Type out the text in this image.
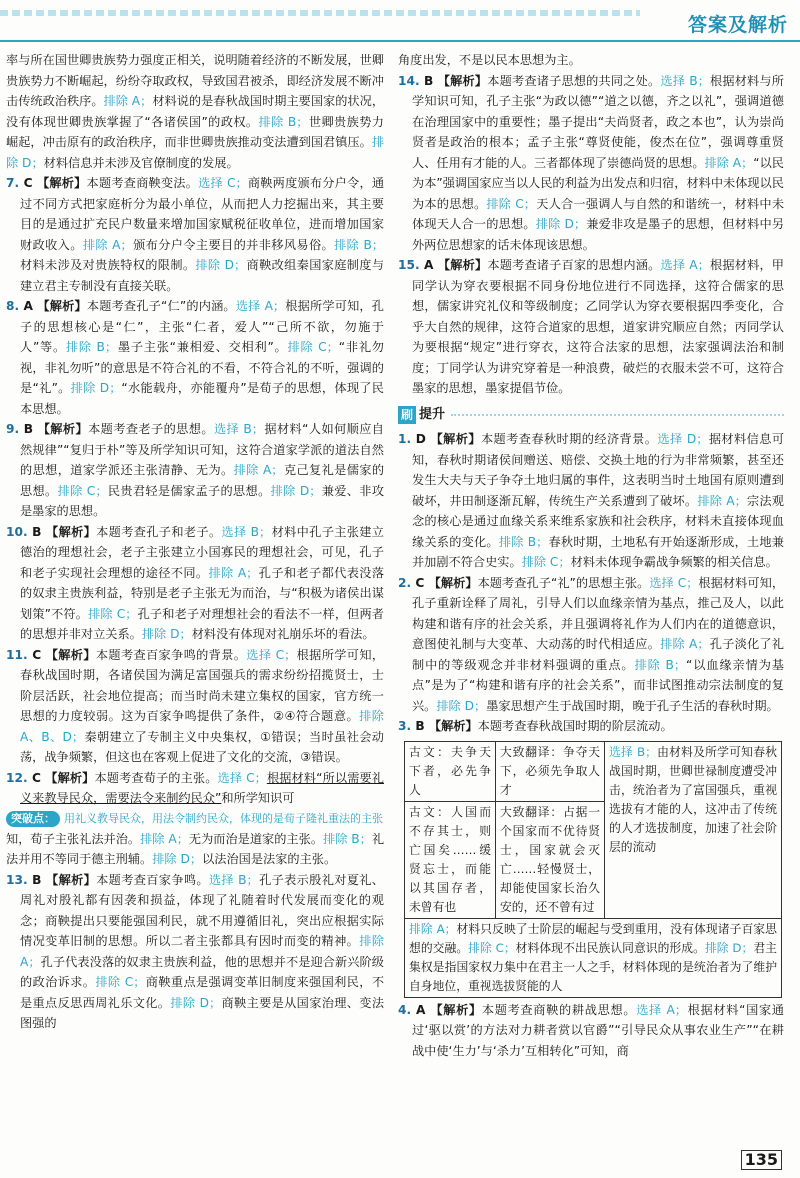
答案及解析

率与所在国世卿贵族势力强度正相关，说明随着经济的不断发展，世卿贵族势力不断崛起，纷纷夺取政权，导致国君被杀，即经济发展不断冲击传统政治秩序。排除 A；材料说的是春秋战国时期主要国家的状况，没有体现世卿贵族掌握了“各诸侯国”的政权。排除 B；世卿贵族势力崛起，冲击原有的政治秩序，而非世卿贵族推动变法遭到国君镇压。排除 D；材料信息并未涉及官僚制度的发展。

7. C 【解析】本题考查商鞅变法。选择 C；商鞅两度颁布分户令，通过不同方式把家庭析分为最小单位，从而把人力挖掘出来，其主要目的是通过扩充民户数量来增加国家赋税征收单位，进而增加国家财政收入。排除 A；颁布分户令主要目的并非移风易俗。排除 B；材料未涉及对贵族特权的限制。排除 D；商鞅改组秦国家庭制度与建立君主专制没有直接关联。

8. A 【解析】本题考查孔子“仁”的内涵。选择 A；根据所学可知，孔子的思想核心是“仁”，主张“仁者，爱人”“己所不欲，勿施于人”等。排除 B；墨子主张“兼相爱、交相利”。排除 C；“非礼勿视，非礼勿听”的意思是不符合礼的不看，不符合礼的不听，强调的是“礼”。排除 D；“水能载舟，亦能覆舟”是荀子的思想，体现了民本思想。

9. B 【解析】本题考查老子的思想。选择 B；据材料“人如何顺应自然规律”“复归于朴”等及所学知识可知，这符合道家学派的道法自然的思想，道家学派还主张清静、无为。排除 A；克己复礼是儒家的思想。排除 C；民贵君轻是儒家孟子的思想。排除 D；兼爱、非攻是墨家的思想。

10. B 【解析】本题考查孔子和老子。选择 B；材料中孔子主张建立德治的理想社会，老子主张建立小国寡民的理想社会，可见，孔子和老子实现社会理想的途径不同。排除 A；孔子和老子都代表没落的奴隶主贵族利益，特别是老子主张无为而治，与“积极为诸侯出谋划策”不符。排除 C；孔子和老子对理想社会的看法不一样，但两者的思想并非对立关系。排除 D；材料没有体现对礼崩乐坏的看法。

11. C 【解析】本题考查百家争鸣的背景。选择 C；根据所学可知，春秋战国时期，各诸侯国为满足富国强兵的需求纷纷招揽贤士，士阶层活跃，社会地位提高；而当时尚未建立集权的国家，官方统一思想的力度较弱。这为百家争鸣提供了条件，②④符合题意。排除 A、B、D；秦朝建立了专制主义中央集权，①错误；当时虽社会动荡，战争频繁，但这也在客观上促进了文化的交流，③错误。

12. C 【解析】本题考查荀子的主张。选择 C；根据材料“所以需要礼义来教导民众，需要法令来制约民众”和所学知识可

突破点： 用礼义教导民众，用法令制约民众，体现的是荀子隆礼重法的主张

知，荀子主张礼法并治。排除 A；无为而治是道家的主张。排除 B；礼法并用不等同于德主刑辅。排除 D；以法治国是法家的主张。

13. B 【解析】本题考查百家争鸣。选择 B；孔子表示殷礼对夏礼、周礼对殷礼都有因袭和损益，体现了礼随着时代发展而变化的观念；商鞅提出只要能强国利民，就不用遵循旧礼，突出应根据实际情况变革旧制的思想。所以二者主张都具有因时而变的精神。排除 A；孔子代表没落的奴隶主贵族利益，他的思想并不是迎合新兴阶级的政治诉求。排除 C；商鞅重点是强调变革旧制度来强国利民，不是重点反思西周礼乐文化。排除 D；商鞅主要是从国家治理、变法图强的

角度出发，不是以民本思想为主。

14. B 【解析】本题考查诸子思想的共同之处。选择 B；根据材料与所学知识可知，孔子主张“为政以德”“道之以德，齐之以礼”，强调道德在治理国家中的重要性；墨子提出“夫尚贤者，政之本也”，认为崇尚贤者是政治的根本；孟子主张“尊贤使能，俊杰在位”，强调尊重贤人、任用有才能的人。三者都体现了崇德尚贤的思想。排除 A；“以民为本”强调国家应当以人民的利益为出发点和归宿，材料中未体现以民为本的思想。排除 C；天人合一强调人与自然的和谐统一，材料中未体现天人合一的思想。排除 D；兼爱非攻是墨子的思想，但材料中另外两位思想家的话未体现该思想。

15. A 【解析】本题考查诸子百家的思想内涵。选择 A；根据材料，甲同学认为穿衣要根据不同身份地位进行不同选择，这符合儒家的思想，儒家讲究礼仪和等级制度；乙同学认为穿衣要根据四季变化，合乎大自然的规律，这符合道家的思想，道家讲究顺应自然；丙同学认为要根据“规定”进行穿衣，这符合法家的思想，法家强调法治和制度；丁同学认为讲究穿着是一种浪费，破烂的衣服未尝不可，这符合墨家的思想，墨家提倡节俭。

刷 提升

1. D 【解析】本题考查春秋时期的经济背景。选择 D；据材料信息可知，春秋时期诸侯间赠送、赔偿、交换土地的行为非常频繁，甚至还发生大夫与天子争夺土地归属的事件，这表明当时土地国有原则遭到破坏，井田制逐渐瓦解，传统生产关系遭到了破坏。排除 A；宗法观念的核心是通过血缘关系来维系家族和社会秩序，材料未直接体现血缘关系的变化。排除 B；春秋时期，土地私有开始逐渐形成，土地兼并加剧不符合史实。排除 C；材料未体现争霸战争频繁的相关信息。

2. C 【解析】本题考查孔子“礼”的思想主张。选择 C；根据材料可知，孔子重新诠释了周礼，引导人们以血缘亲情为基点，推己及人，以此构建和谐有序的社会关系，并且强调将礼作为人们内在的道德意识，意图使礼制与大变革、大动荡的时代相适应。排除 A；孔子淡化了礼制中的等级观念并非材料强调的重点。排除 B；“以血缘亲情为基点”是为了“构建和谐有序的社会关系”，而非试图推动宗法制度的复兴。排除 D；墨家思想产生于战国时期，晚于孔子生活的春秋时期。

3. B 【解析】本题考查春秋战国时期的阶层流动。

古文：夫争天下者，必先争人	大致翻译：争夺天下，必须先争取人才	选择 B；由材料及所学可知春秋战国时期，世卿世禄制度遭受冲击，统治者为了富国强兵，重视选拔有才能的人，这冲击了传统的人才选拔制度，加速了社会阶层的流动
古文：人国而不存其士，则亡国矣……缓贤忘士，而能以其国存者，未曾有也	大致翻译：占据一个国家而不优待贤士，国家就会灭亡……轻慢贤士，却能使国家长治久安的，还不曾有过	
排除 A；材料只反映了士阶层的崛起与受到重用，没有体现诸子百家思想的交融。排除 C；材料体现不出民族认同意识的形成。排除 D；君主集权是指国家权力集中在君主一人之手，材料体现的是统治者为了维护自身地位，重视选拔贤能的人		

4. A 【解析】本题考查商鞅的耕战思想。选择 A；根据材料“国家通过‘驱以赏’的方法对力耕者赏以官爵”“引导民众从事农业生产”“在耕战中使‘生力’与‘杀力’互相转化”可知，商

135
